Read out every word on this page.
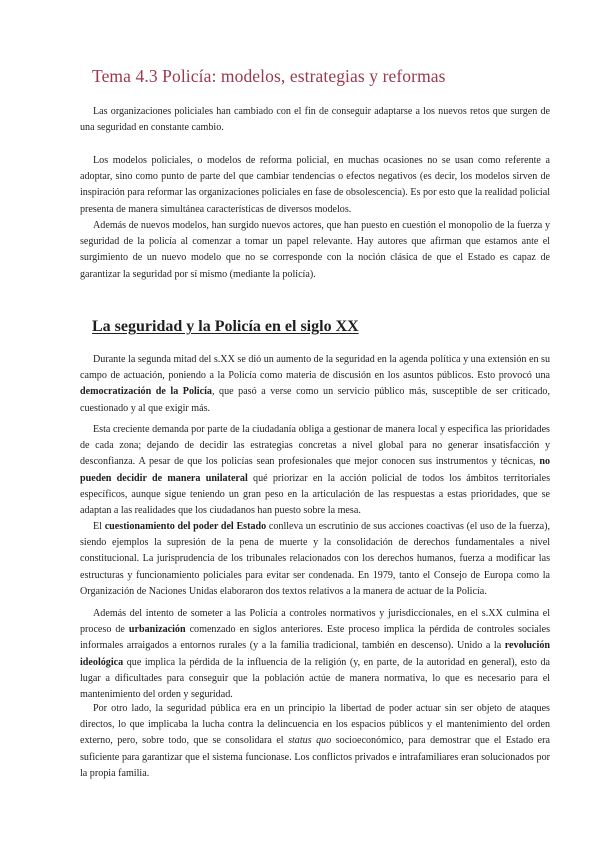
Tema 4.3 Policía: modelos, estrategias y reformas

Las organizaciones policiales han cambiado con el fin de conseguir adaptarse a los nuevos retos que surgen de una seguridad en constante cambio.

Los modelos policiales, o modelos de reforma policial, en muchas ocasiones no se usan como referente a adoptar, sino como punto de parte del que cambiar tendencias o efectos negativos (es decir, los modelos sirven de inspiración para reformar las organizaciones policiales en fase de obsolescencia). Es por esto que la realidad policial presenta de manera simultánea características de diversos modelos.

Además de nuevos modelos, han surgido nuevos actores, que han puesto en cuestión el monopolio de la fuerza y seguridad de la policía al comenzar a tomar un papel relevante. Hay autores que afirman que estamos ante el surgimiento de un nuevo modelo que no se corresponde con la noción clásica de que el Estado es capaz de garantizar la seguridad por sí mismo (mediante la policía).

La seguridad y la Policía en el siglo XX

Durante la segunda mitad del s.XX se dió un aumento de la seguridad en la agenda política y una extensión en su campo de actuación, poniendo a la Policía como materia de discusión en los asuntos públicos. Esto provocó una democratización de la Policía, que pasó a verse como un servicio público más, susceptible de ser criticado, cuestionado y al que exigir más.

Esta creciente demanda por parte de la ciudadanía obliga a gestionar de manera local y especifica las prioridades de cada zona; dejando de decidir las estrategias concretas a nivel global para no generar insatisfacción y desconfianza. A pesar de que los policías sean profesionales que mejor conocen sus instrumentos y técnicas, no pueden decidir de manera unilateral qué priorizar en la acción policial de todos los ámbitos territoriales específicos, aunque sigue teniendo un gran peso en la articulación de las respuestas a estas prioridades, que se adaptan a las realidades que los ciudadanos han puesto sobre la mesa.

El cuestionamiento del poder del Estado conlleva un escrutinio de sus acciones coactivas (el uso de la fuerza), siendo ejemplos la supresión de la pena de muerte y la consolidación de derechos fundamentales a nivel constitucional. La jurisprudencia de los tribunales relacionados con los derechos humanos, fuerza a modificar las estructuras y funcionamiento policiales para evitar ser condenada. En 1979, tanto el Consejo de Europa como la Organización de Naciones Unidas elaboraron dos textos relativos a la manera de actuar de la Policía.

Además del intento de someter a las Policía a controles normativos y jurisdiccionales, en el s.XX culmina el proceso de urbanización comenzado en siglos anteriores. Este proceso implica la pérdida de controles sociales informales arraigados a entornos rurales (y a la familia tradicional, también en descenso). Unido a la revolución ideológica que implica la pérdida de la influencia de la religión (y, en parte, de la autoridad en general), esto da lugar a dificultades para conseguir que la población actúe de manera normativa, lo que es necesario para el mantenimiento del orden y seguridad.

Por otro lado, la seguridad pública era en un principio la libertad de poder actuar sin ser objeto de ataques directos, lo que implicaba la lucha contra la delincuencia en los espacios públicos y el mantenimiento del orden externo, pero, sobre todo, que se consolidara el status quo socioeconómico, para demostrar que el Estado era suficiente para garantizar que el sistema funcionase. Los conflictos privados e intrafamiliares eran solucionados por la propia familia.
